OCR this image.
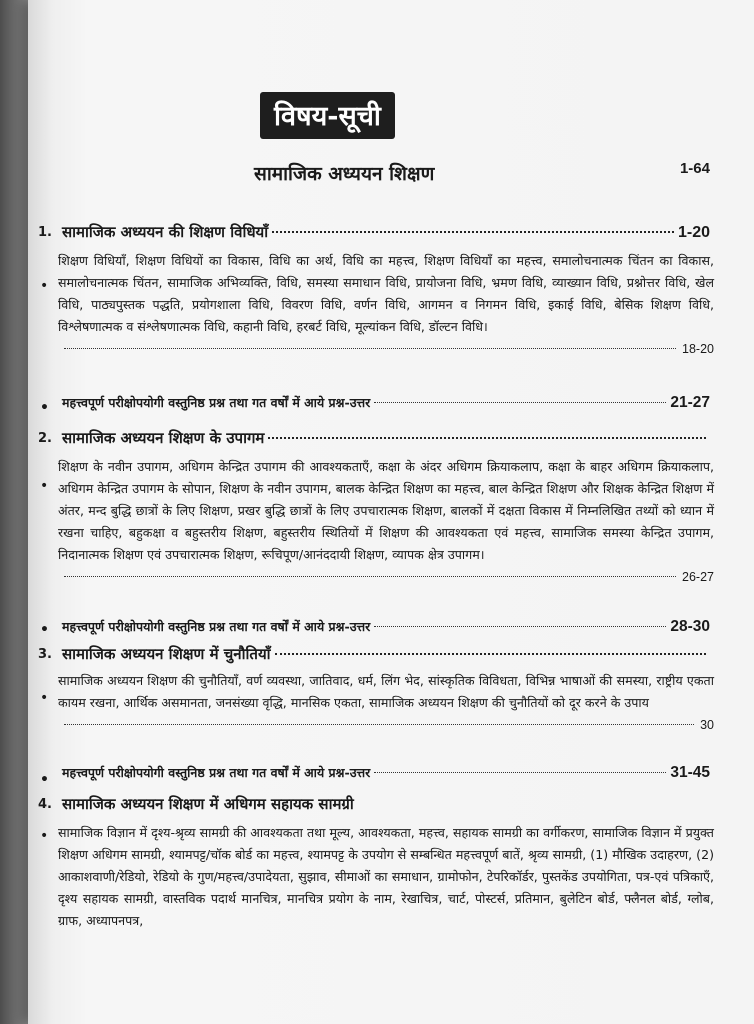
विषय-सूची
सामाजिक अध्ययन शिक्षण	1-64
1. सामाजिक अध्ययन की शिक्षण विधियाँ	1-20
•
शिक्षण विधियाँ, शिक्षण विधियों का विकास, विधि का अर्थ, विधि का महत्त्व, शिक्षण विधियाँ का महत्त्व, समालोचनात्मक चिंतन का विकास, समालोचनात्मक चिंतन, सामाजिक अभिव्यक्ति, विधि, समस्या समाधान विधि, प्रायोजना विधि, भ्रमण विधि, व्याख्यान विधि, प्रश्नोत्तर विधि, खेल विधि, पाठ्यपुस्तक पद्धति, प्रयोगशाला विधि, विवरण विधि, वर्णन विधि, आगमन व निगमन विधि, इकाई विधि, बेसिक शिक्षण विधि, विश्लेषणात्मक व संश्लेषणात्मक विधि, कहानी विधि, हरबर्ट विधि, मूल्यांकन विधि, डॉल्टन विधि।
18-20
• महत्त्वपूर्ण परीक्षोपयोगी वस्तुनिष्ठ प्रश्न तथा गत वर्षों में आये प्रश्न-उत्तर	21-27
2. सामाजिक अध्ययन शिक्षण के उपागम
•
शिक्षण के नवीन उपागम, अधिगम केन्द्रित उपागम की आवश्यकताएँ, कक्षा के अंदर अधिगम क्रियाकलाप, कक्षा के बाहर अधिगम क्रियाकलाप, अधिगम केन्द्रित उपागम के सोपान, शिक्षण के नवीन उपागम, बालक केन्द्रित शिक्षण का महत्त्व, बाल केन्द्रित शिक्षण और शिक्षक केन्द्रित शिक्षण में अंतर, मन्द बुद्धि छात्रों के लिए शिक्षण, प्रखर बुद्धि छात्रों के लिए उपचारात्मक शिक्षण, बालकों में दक्षता विकास में निम्नलिखित तथ्यों को ध्यान में रखना चाहिए, बहुकक्षा व बहुस्तरीय शिक्षण, बहुस्तरीय स्थितियों में शिक्षण की आवश्यकता एवं महत्त्व, सामाजिक समस्या केन्द्रित उपागम, निदानात्मक शिक्षण एवं उपचारात्मक शिक्षण, रूचिपूण/आनंददायी शिक्षण, व्यापक क्षेत्र उपागम।
26-27
• महत्त्वपूर्ण परीक्षोपयोगी वस्तुनिष्ठ प्रश्न तथा गत वर्षों में आये प्रश्न-उत्तर	28-30
3. सामाजिक अध्ययन शिक्षण में चुनौतियाँ
•
सामाजिक अध्ययन शिक्षण की चुनौतियाँ, वर्ण व्यवस्था, जातिवाद, धर्म, लिंग भेद, सांस्कृतिक विविधता, विभिन्न भाषाओं की समस्या, राष्ट्रीय एकता कायम रखना, आर्थिक असमानता, जनसंख्या वृद्धि, मानसिक एकता, सामाजिक अध्ययन शिक्षण की चुनौतियों को दूर करने के उपाय
30
• महत्त्वपूर्ण परीक्षोपयोगी वस्तुनिष्ठ प्रश्न तथा गत वर्षों में आये प्रश्न-उत्तर	31-45
4. सामाजिक अध्ययन शिक्षण में अधिगम सहायक सामग्री
• सामाजिक विज्ञान में दृश्य-श्रृव्य सामग्री की आवश्यकता तथा मूल्य, आवश्यकता, महत्त्व, सहायक सामग्री का वर्गीकरण, सामाजिक विज्ञान में प्रयुक्त शिक्षण अधिगम सामग्री, श्यामपट्ट/चॉक बोर्ड का महत्त्व, श्यामपट्ट के उपयोग से सम्बन्धित महत्त्वपूर्ण बातें, श्रृव्य सामग्री, (1) मौखिक उदाहरण, (2) आकाशवाणी/रेडियो, रेडियो के गुण/महत्त्व/उपादेयता, सुझाव, सीमाओं का समाधान, ग्रामोफोन, टेपरिकॉर्डर, पुस्तकेंड उपयोगिता, पत्र-एवं पत्रिकाएँ, दृश्य सहायक सामग्री, वास्तविक पदार्थ मानचित्र, मानचित्र प्रयोग के नाम, रेखाचित्र, चार्ट, पोस्टर्स, प्रतिमान, बुलेटिन बोर्ड, फ्लैनल बोर्ड, ग्लोब, ग्राफ, अध्यापनपत्र,
